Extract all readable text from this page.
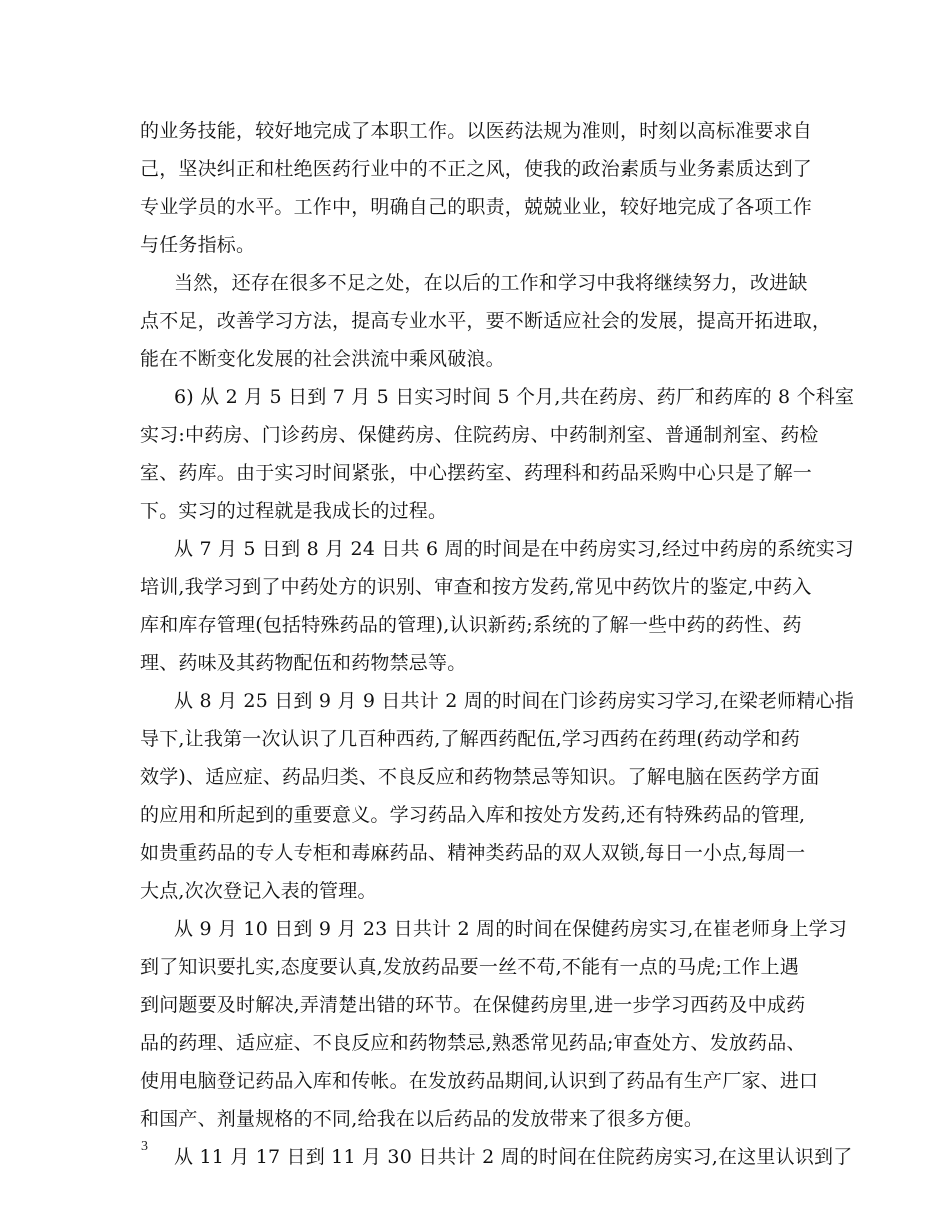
的业务技能，较好地完成了本职工作。以医药法规为准则，时刻以高标准要求自
己，坚决纠正和杜绝医药行业中的不正之风，使我的政治素质与业务素质达到了
专业学员的水平。工作中，明确自己的职责，兢兢业业，较好地完成了各项工作
与任务指标。
当然，还存在很多不足之处，在以后的工作和学习中我将继续努力，改进缺
点不足，改善学习方法，提高专业水平，要不断适应社会的发展，提高开拓进取，
能在不断变化发展的社会洪流中乘风破浪。
6) 从 2 月 5 日到 7 月 5 日实习时间 5 个月,共在药房、药厂和药库的 8 个科室
实习:中药房、门诊药房、保健药房、住院药房、中药制剂室、普通制剂室、药检
室、药库。由于实习时间紧张，中心摆药室、药理科和药品采购中心只是了解一
下。实习的过程就是我成长的过程。
从 7 月 5 日到 8 月 24 日共 6 周的时间是在中药房实习,经过中药房的系统实习
培训,我学习到了中药处方的识别、审查和按方发药,常见中药饮片的鉴定,中药入
库和库存管理(包括特殊药品的管理),认识新药;系统的了解一些中药的药性、药
理、药味及其药物配伍和药物禁忌等。
从 8 月 25 日到 9 月 9 日共计 2 周的时间在门诊药房实习学习,在梁老师精心指
导下,让我第一次认识了几百种西药,了解西药配伍,学习西药在药理(药动学和药
效学)、适应症、药品归类、不良反应和药物禁忌等知识。了解电脑在医药学方面
的应用和所起到的重要意义。学习药品入库和按处方发药,还有特殊药品的管理,
如贵重药品的专人专柜和毒麻药品、精神类药品的双人双锁,每日一小点,每周一
大点,次次登记入表的管理。
从 9 月 10 日到 9 月 23 日共计 2 周的时间在保健药房实习,在崔老师身上学习
到了知识要扎实,态度要认真,发放药品要一丝不苟,不能有一点的马虎;工作上遇
到问题要及时解决,弄清楚出错的环节。在保健药房里,进一步学习西药及中成药
品的药理、适应症、不良反应和药物禁忌,熟悉常见药品;审查处方、发放药品、
使用电脑登记药品入库和传帐。在发放药品期间,认识到了药品有生产厂家、进口
和国产、剂量规格的不同,给我在以后药品的发放带来了很多方便。
从 11 月 17 日到 11 月 30 日共计 2 周的时间在住院药房实习,在这里认识到了
3
